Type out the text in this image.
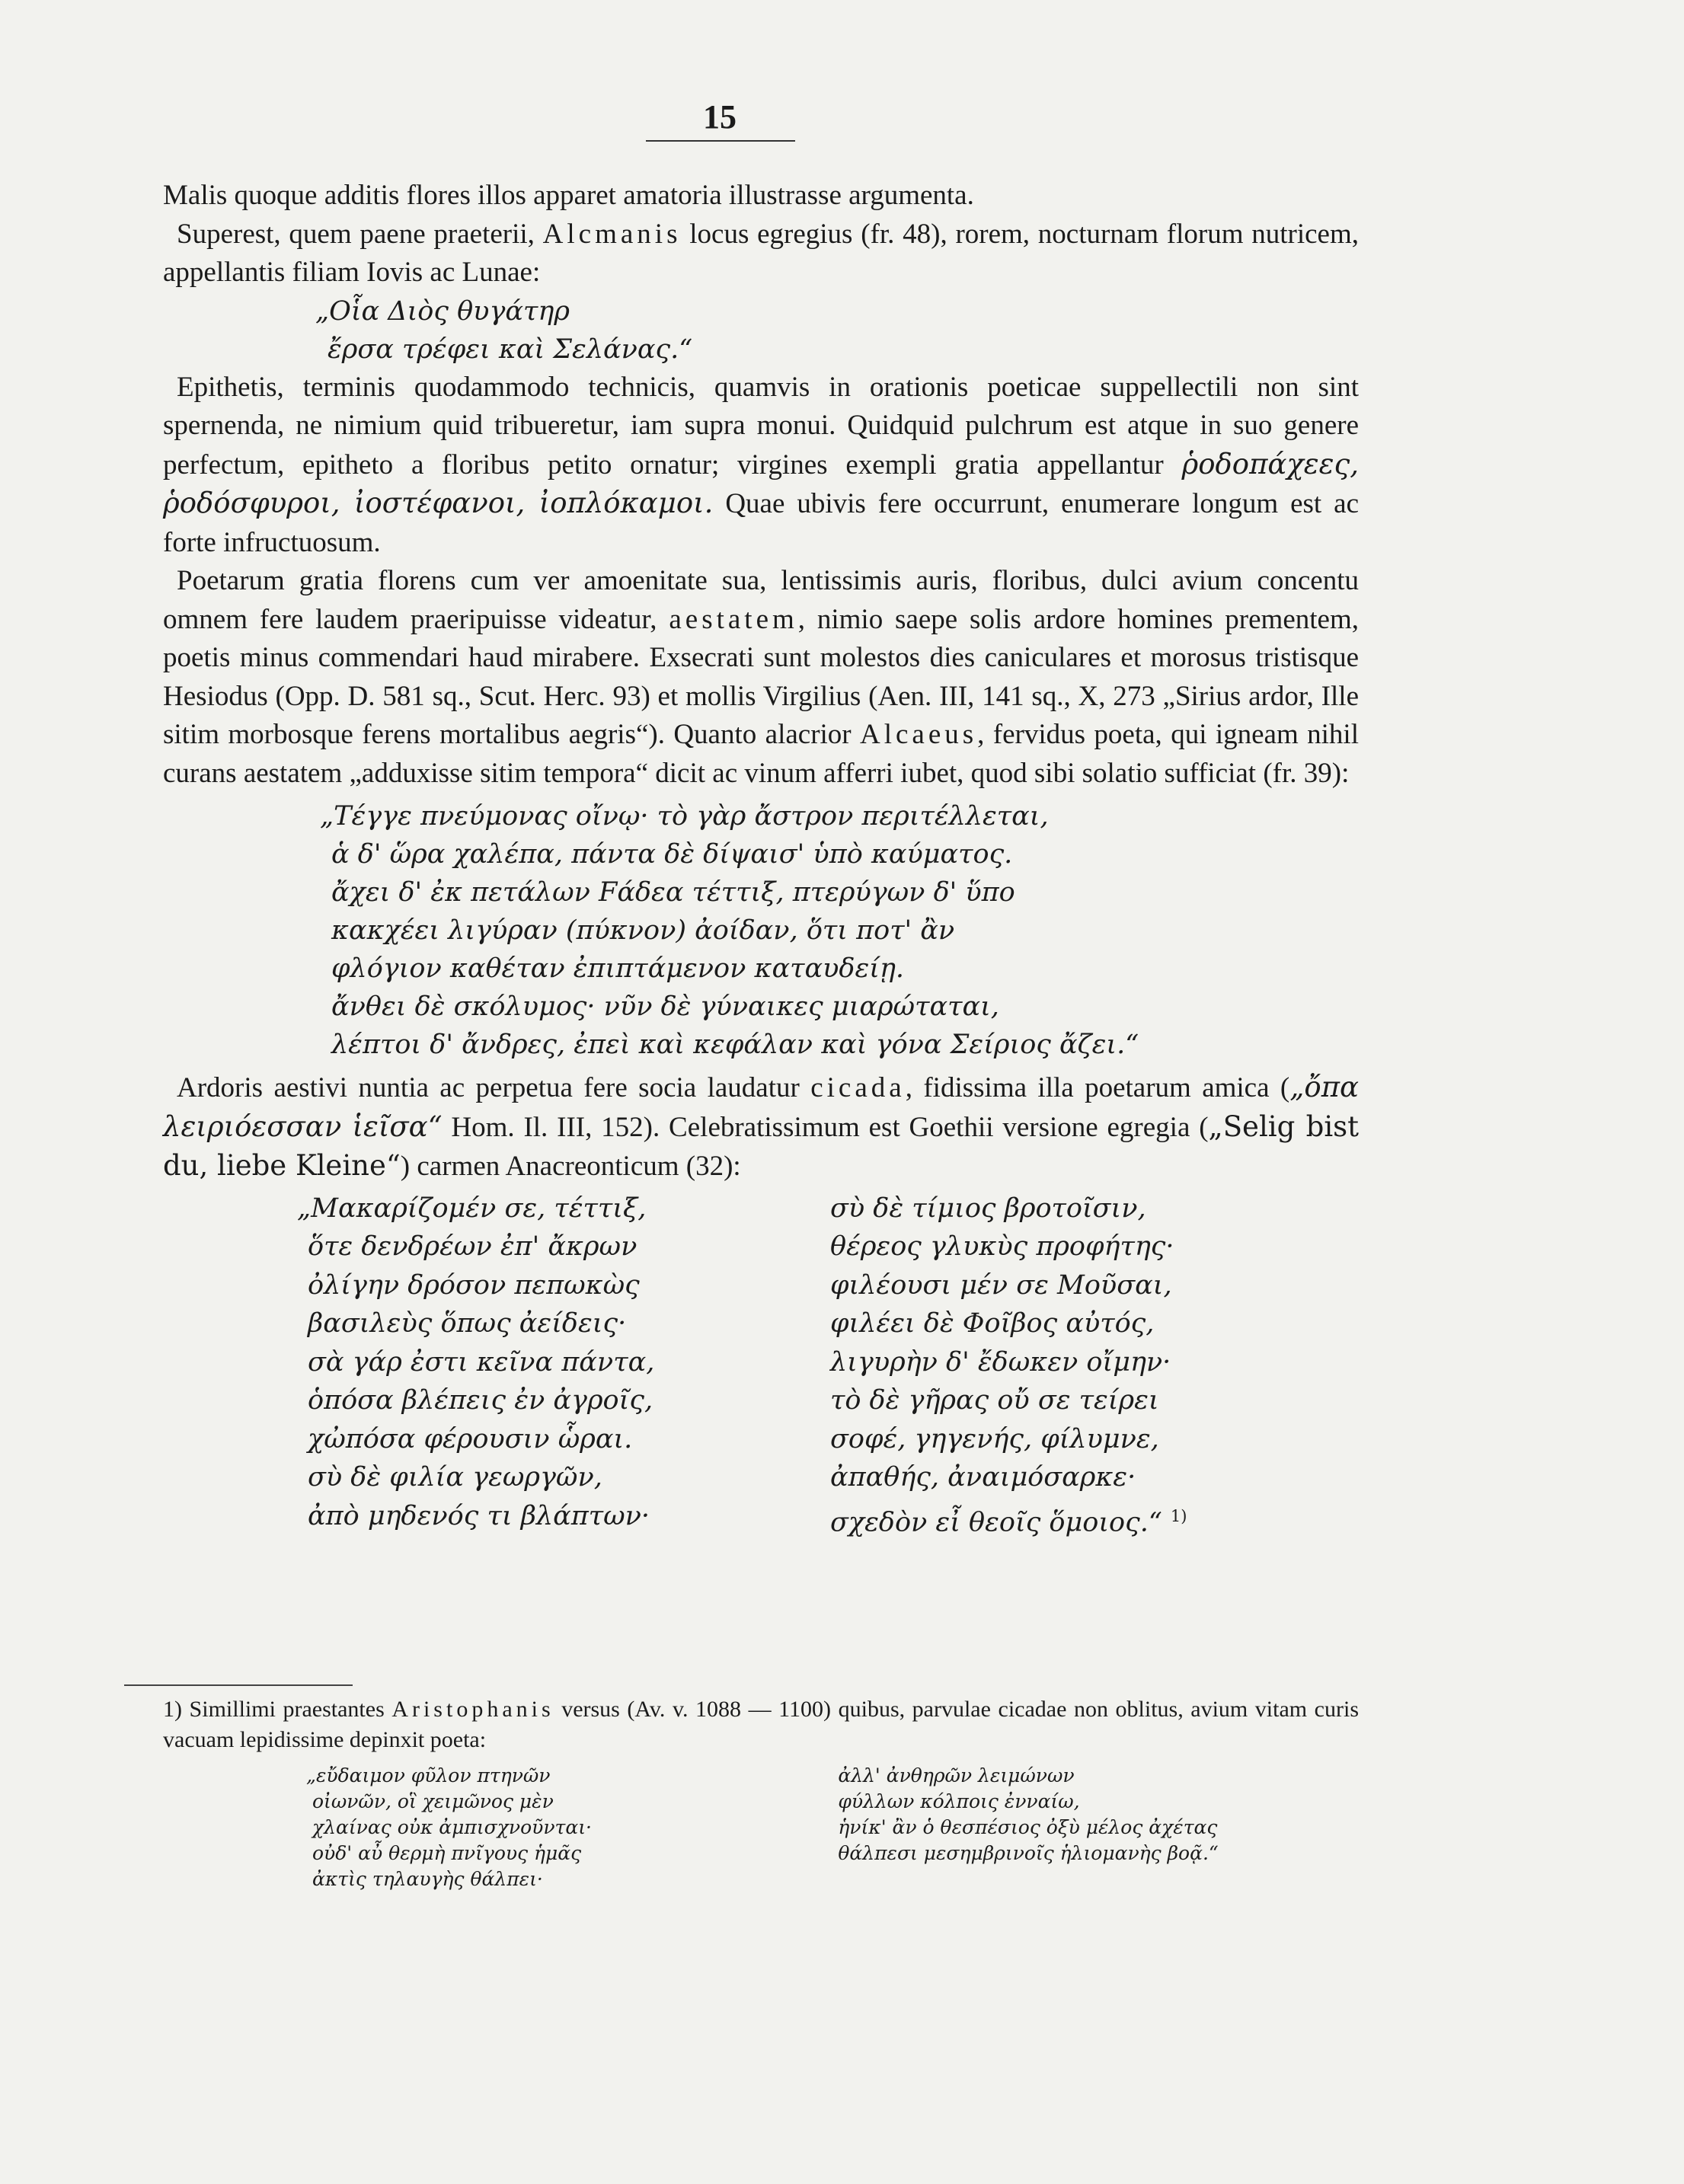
15

Malis quoque additis flores illos apparet amatoria illustrasse argumenta.

Superest, quem paene praeterii, Alcmanis locus egregius (fr. 48), rorem, nocturnam florum nutricem, appellantis filiam Iovis ac Lunae:

„Οἷα Διὸς θυγάτηρ
ἔρσα τρέφει καὶ Σελάνας.“

Epithetis, terminis quodammodo technicis, quamvis in orationis poeticae suppellectili non sint spernenda, ne nimium quid tribueretur, iam supra monui. Quidquid pulchrum est atque in suo genere perfectum, epitheto a floribus petito ornatur; virgines exempli gratia appellantur ῥοδοπάχεες, ῥοδόσφυροι, ἰοστέφανοι, ἰοπλόκαμοι. Quae ubivis fere occurrunt, enumerare longum est ac forte infructuosum.

Poetarum gratia florens cum ver amoenitate sua, lentissimis auris, floribus, dulci avium concentu omnem fere laudem praeripuisse videatur, aestatem, nimio saepe solis ardore homines prementem, poetis minus commendari haud mirabere. Exsecrati sunt molestos dies caniculares et morosus tristisque Hesiodus (Opp. D. 581 sq., Scut. Herc. 93) et mollis Virgilius (Aen. III, 141 sq., X, 273 „Sirius ardor, Ille sitim morbosque ferens mortalibus aegris“). Quanto alacrior Alcaeus, fervidus poeta, qui igneam nihil curans aestatem „adduxisse sitim tempora“ dicit ac vinum afferri iubet, quod sibi solatio sufficiat (fr. 39):

„Τέγγε πνεύμονας οἴνῳ· τὸ γὰρ ἄστρον περιτέλλεται,
ἁ δ' ὥρα χαλέπα, πάντα δὲ δίψαισ' ὑπὸ καύματος.
ἄχει δ' ἐκ πετάλων Fάδεα τέττιξ, πτερύγων δ' ὕπο
κακχέει λιγύραν (πύκνον) ἀοίδαν, ὅτι ποτ' ἂν
φλόγιον καθέταν ἐπιπτάμενον καταυδείῃ.
ἄνθει δὲ σκόλυμος· νῦν δὲ γύναικες μιαρώταται,
λέπτοι δ' ἄνδρες, ἐπεὶ καὶ κεφάλαν καὶ γόνα Σείριος ἄζει.“

Ardoris aestivi nuntia ac perpetua fere socia laudatur cicada, fidissima illa poetarum amica („ὄπα λειριόεσσαν ἱεῖσα“ Hom. Il. III, 152). Celebratissimum est Goethii versione egregia („Selig bist du, liebe Kleine“) carmen Anacreonticum (32):

„Μακαρίζομέν σε, τέττιξ,
ὅτε δενδρέων ἐπ' ἄκρων
ὀλίγην δρόσον πεπωκὼς
βασιλεὺς ὅπως ἀείδεις·
σὰ γάρ ἐστι κεῖνα πάντα,
ὁπόσα βλέπεις ἐν ἀγροῖς,
χὠπόσα φέρουσιν ὧραι.
σὺ δὲ φιλία γεωργῶν,
ἀπὸ μηδενός τι βλάπτων·
σὺ δὲ τίμιος βροτοῖσιν,
θέρεος γλυκὺς προφήτης·
φιλέουσι μέν σε Μοῦσαι,
φιλέει δὲ Φοῖβος αὐτός,
λιγυρὴν δ' ἔδωκεν οἴμην·
τὸ δὲ γῆρας οὔ σε τείρει
σοφέ, γηγενής, φίλυμνε,
ἀπαθής, ἀναιμόσαρκε·
σχεδὸν εἶ θεοῖς ὅμοιος.“ $^{1)}$

1) Simillimi praestantes Aristophanis versus (Av. v. 1088 — 1100) quibus, parvulae cicadae non oblitus, avium vitam curis vacuam lepidissime depinxit poeta:

„εὔδαιμον φῦλον πτηνῶν
οἰωνῶν, οἳ χειμῶνος μὲν
χλαίνας οὐκ ἀμπισχνοῦνται·
οὐδ' αὖ θερμὴ πνῖγους ἡμᾶς
ἀκτὶς τηλαυγὴς θάλπει·
ἀλλ' ἀνθηρῶν λειμώνων
φύλλων κόλποις ἐνναίω,
ἡνίκ' ἂν ὁ θεσπέσιος ὀξὺ μέλος ἀχέτας
θάλπεσι μεσημβρινοῖς ἡλιομανὴς βοᾷ.“
